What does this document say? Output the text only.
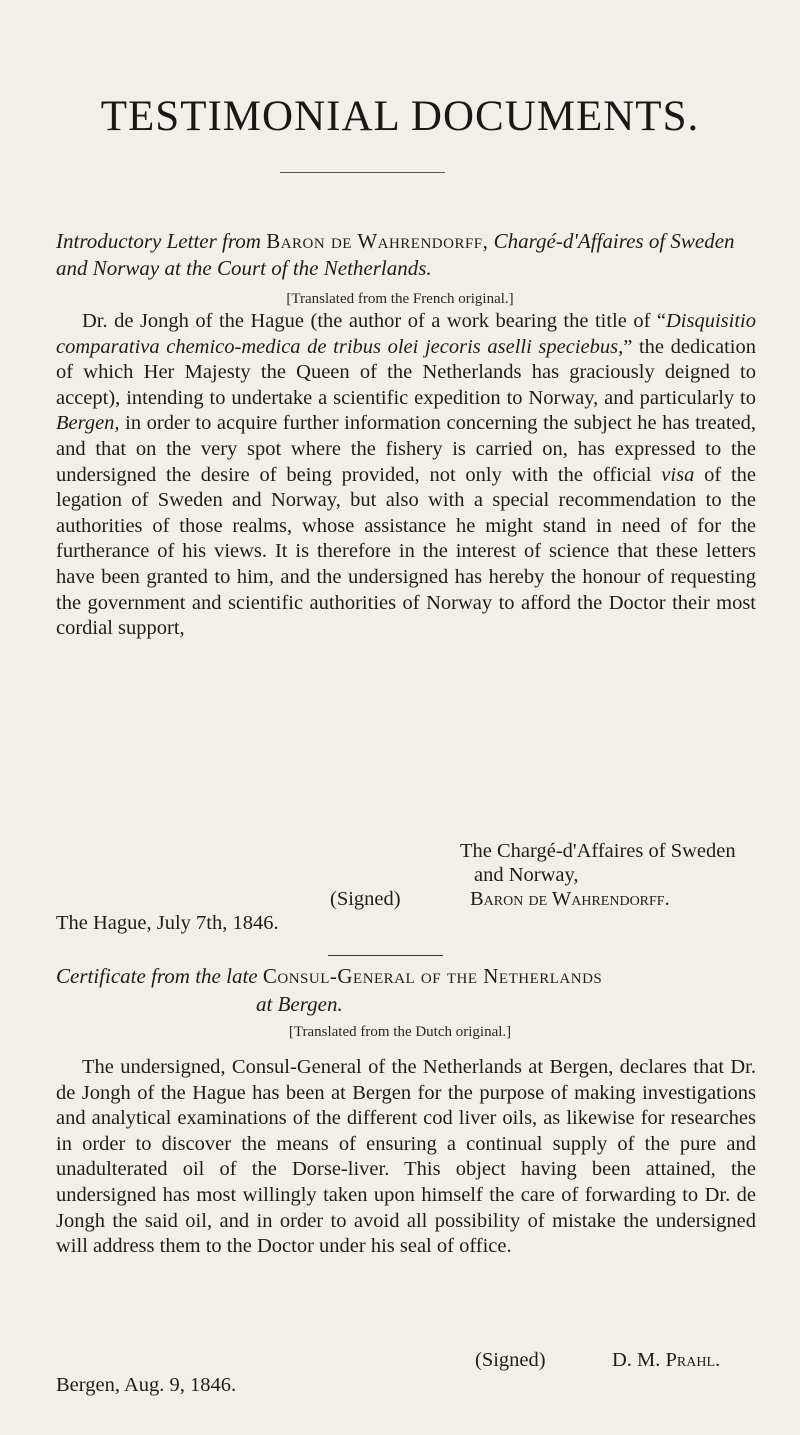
TESTIMONIAL DOCUMENTS.
Introductory Letter from Baron de Wahrendorff, Chargé-d'Affaires of Sweden and Norway at the Court of the Netherlands.
[Translated from the French original.]

Dr. de Jongh of the Hague (the author of a work bearing the title of “Disquisitio comparativa chemico-medica de tribus olei jecoris aselli speciebus,” the dedication of which Her Majesty the Queen of the Netherlands has graciously deigned to accept), intending to undertake a scientific expedition to Norway, and particularly to Bergen, in order to acquire further information concerning the subject he has treated, and that on the very spot where the fishery is carried on, has expressed to the undersigned the desire of being provided, not only with the official visa of the legation of Sweden and Norway, but also with a special recommendation to the authorities of those realms, whose assistance he might stand in need of for the furtherance of his views. It is therefore in the interest of science that these letters have been granted to him, and the undersigned has hereby the honour of requesting the government and scientific authorities of Norway to afford the Doctor their most cordial support,

The Chargé-d'Affaires of Sweden
and Norway,
(Signed)	Baron de Wahrendorff.
The Hague, July 7th, 1846.
Certificate from the late Consul-General of the Netherlands
at Bergen.
[Translated from the Dutch original.]

The undersigned, Consul-General of the Netherlands at Bergen, declares that Dr. de Jongh of the Hague has been at Bergen for the purpose of making investigations and analytical examinations of the different cod liver oils, as likewise for researches in order to discover the means of ensuring a continual supply of the pure and unadulterated oil of the Dorse-liver. This object having been attained, the undersigned has most willingly taken upon himself the care of forwarding to Dr. de Jongh the said oil, and in order to avoid all possibility of mistake the undersigned will address them to the Doctor under his seal of office.

(Signed)	D. M. Prahl.
Bergen, Aug. 9, 1846.
